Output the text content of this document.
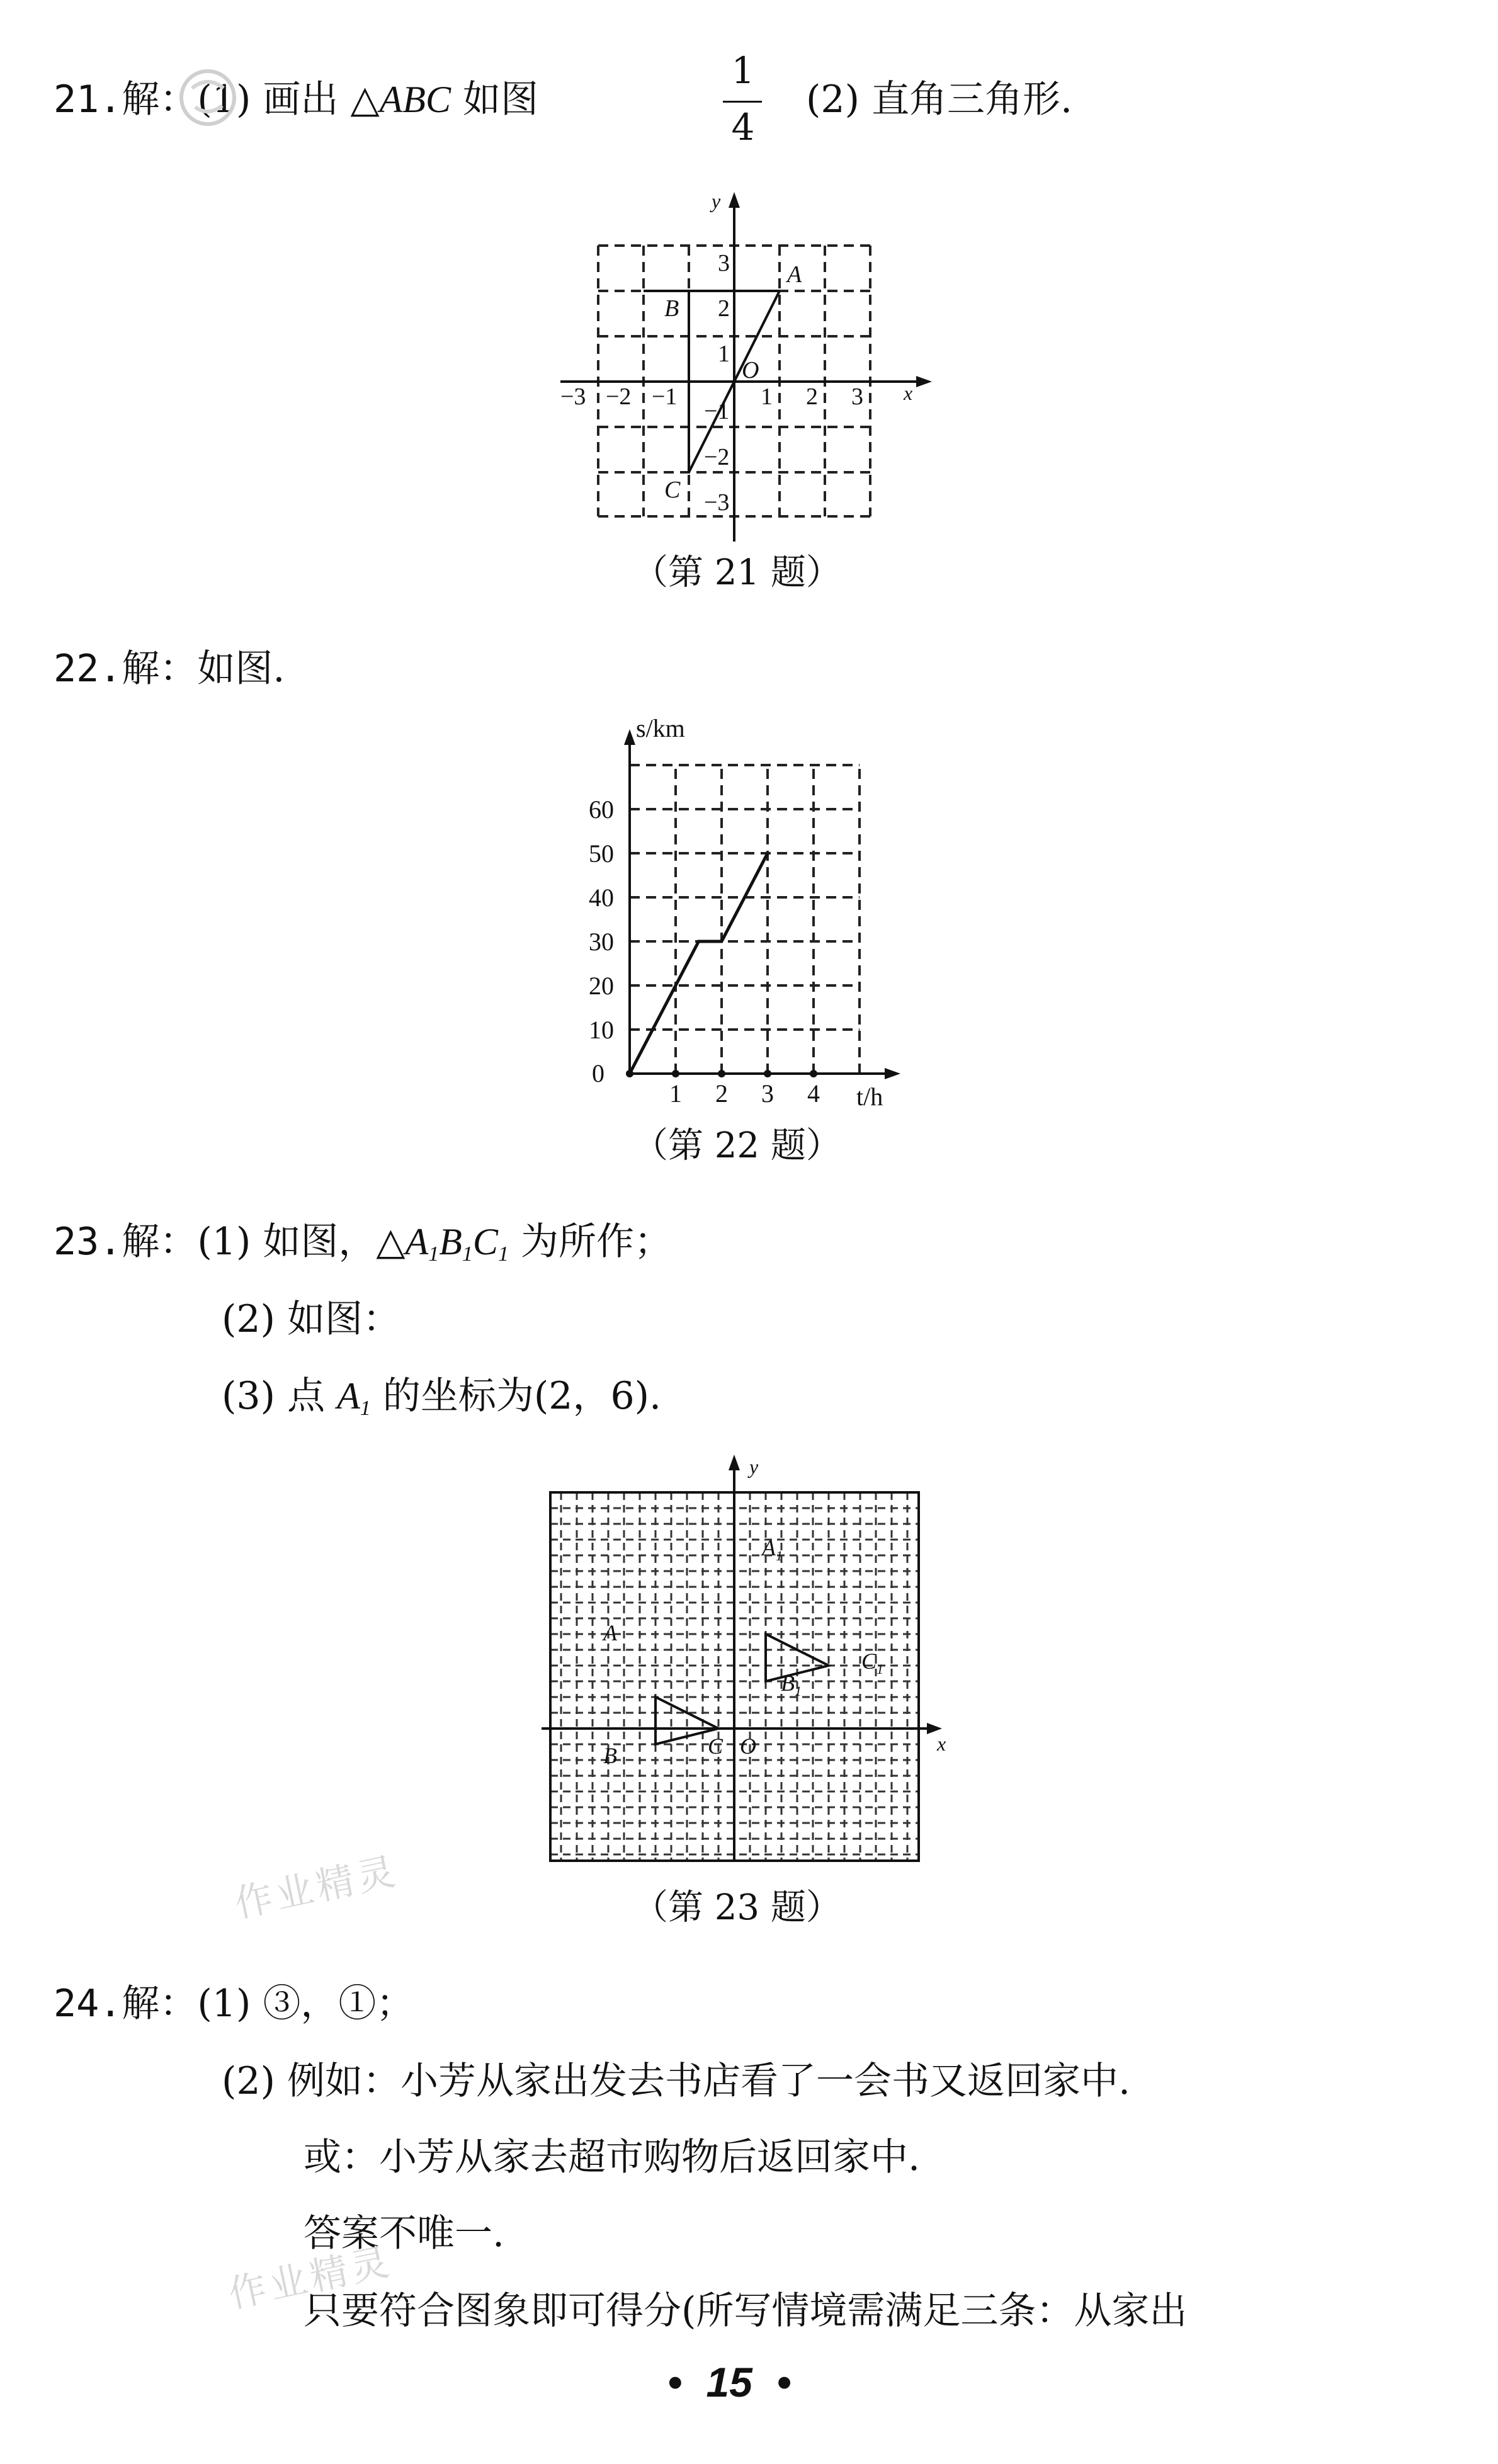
21.解：(1) 画出 △ABC 如图
1
4
(2) 直角三角形.
x
y
O
−3 −2 −1	1 2 3
3
2
1
−1
−2
−3
A
B
C
（第 21 题）
22.解：如图.
s/km
t/h
0
1 2 3 4
10
20
30
40
50
60
（第 22 题）
23.解：(1) 如图，$\triangle A_1B_1C_1$ 为所作；
(2) 如图：
(3) 点 $A_1$ 的坐标为(2，6).
x
y
O
A
B	C
$A_1$
$B_1$
$C_1$
（第 23 题）
作业精灵
24.解：(1) ③，①；
(2) 例如：小芳从家出发去书店看了一会书又返回家中.
或：小芳从家去超市购物后返回家中.
答案不唯一.
作业精灵
只要符合图象即可得分(所写情境需满足三条：从家出
• 15 •
